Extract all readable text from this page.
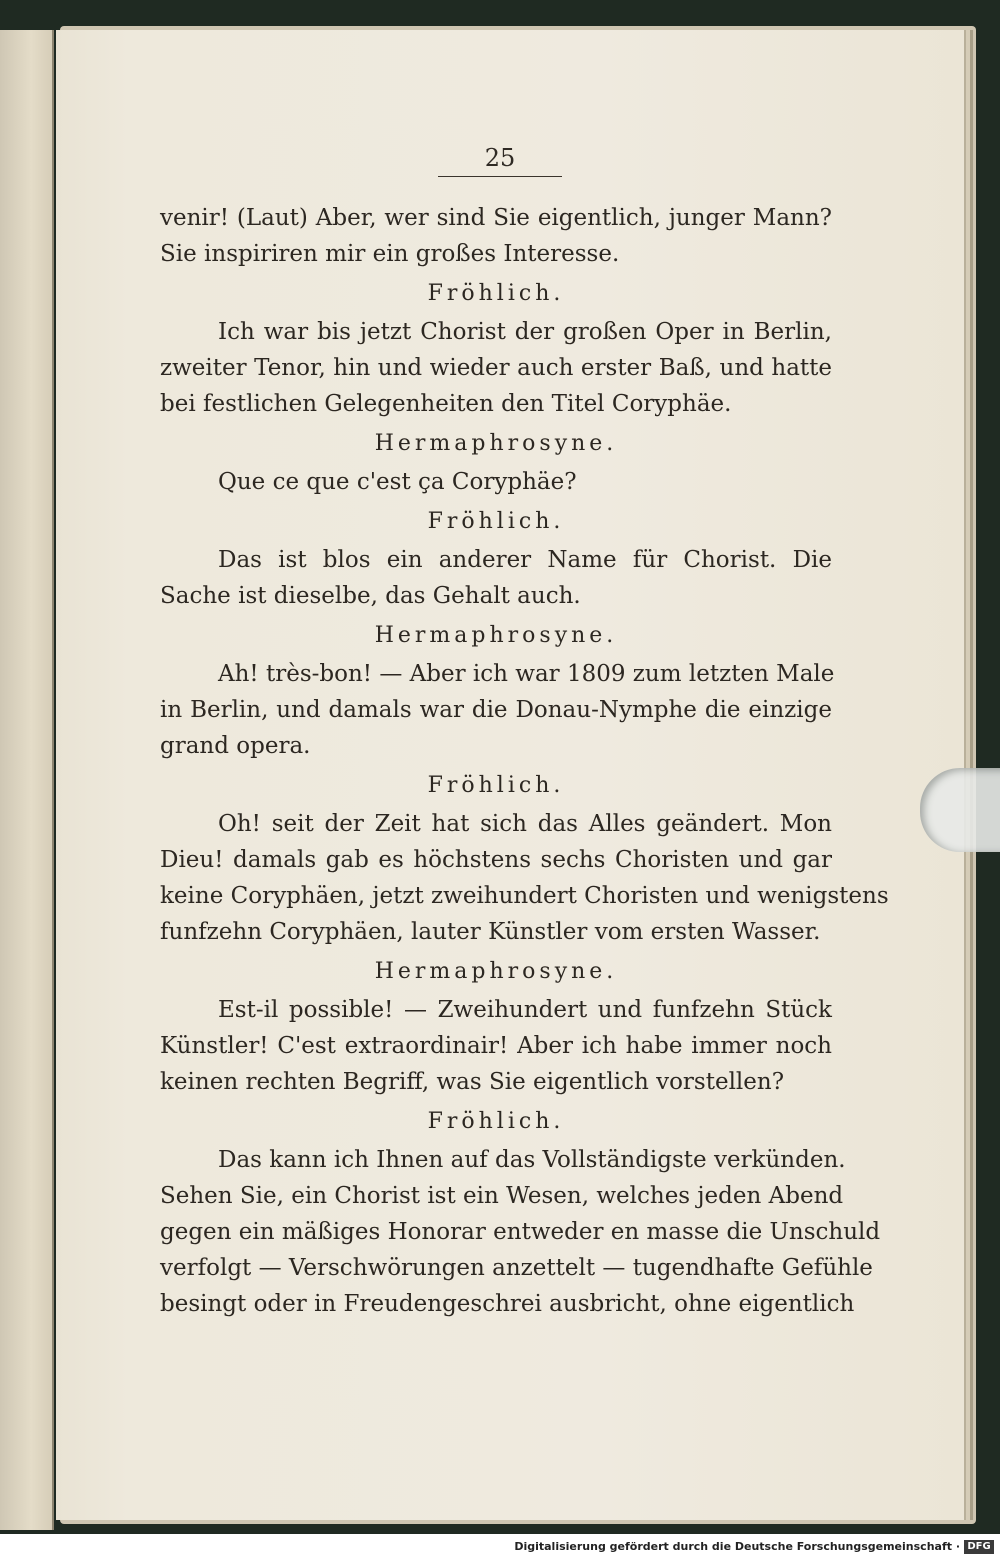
25
venir! (Laut) Aber, wer sind Sie eigentlich, junger Mann?
Sie inspiriren mir ein großes Interesse.
Fröhlich.
Ich war bis jetzt Chorist der großen Oper in Berlin,
zweiter Tenor, hin und wieder auch erster Baß, und hatte
bei festlichen Gelegenheiten den Titel Coryphäe.
Hermaphrosyne.
Que ce que c'est ça Coryphäe?
Fröhlich.
Das ist blos ein anderer Name für Chorist. Die
Sache ist dieselbe, das Gehalt auch.
Hermaphrosyne.
Ah! très-bon! — Aber ich war 1809 zum letzten Male
in Berlin, und damals war die Donau-Nymphe die einzige
grand opera.
Fröhlich.
Oh! seit der Zeit hat sich das Alles geändert. Mon
Dieu! damals gab es höchstens sechs Choristen und gar
keine Coryphäen, jetzt zweihundert Choristen und wenigstens
funfzehn Coryphäen, lauter Künstler vom ersten Wasser.
Hermaphrosyne.
Est-il possible! — Zweihundert und funfzehn Stück
Künstler! C'est extraordinair! Aber ich habe immer noch
keinen rechten Begriff, was Sie eigentlich vorstellen?
Fröhlich.
Das kann ich Ihnen auf das Vollständigste verkünden.
Sehen Sie, ein Chorist ist ein Wesen, welches jeden Abend
gegen ein mäßiges Honorar entweder en masse die Unschuld
verfolgt — Verschwörungen anzettelt — tugendhafte Gefühle
besingt oder in Freudengeschrei ausbricht, ohne eigentlich
Digitalisierung gefördert durch die Deutsche Forschungsgemeinschaft · DFG
